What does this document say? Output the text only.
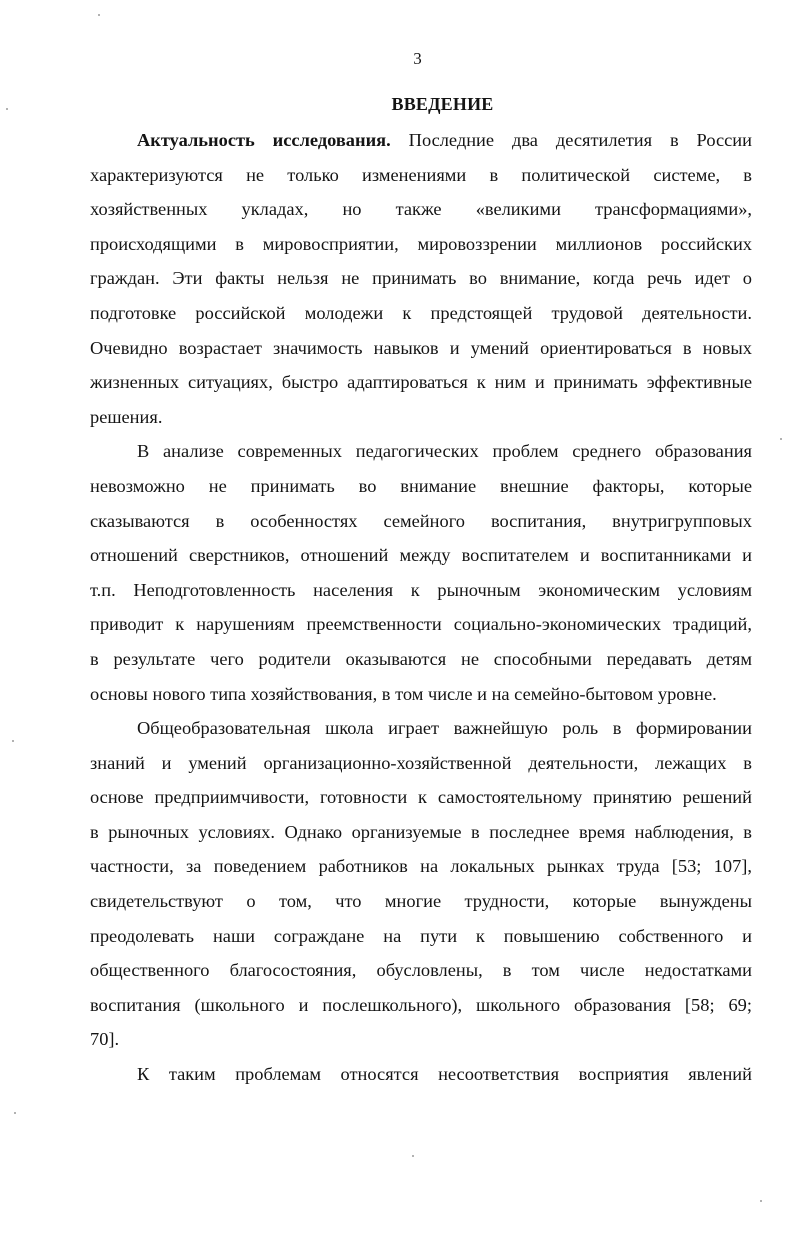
3
ВВЕДЕНИЕ
Актуальность исследования. Последние два десятилетия в России
характеризуются не только изменениями в политической системе, в
хозяйственных укладах, но также «великими трансформациями»,
происходящими в мировосприятии, мировоззрении миллионов российских
граждан. Эти факты нельзя не принимать во внимание, когда речь идет о
подготовке российской молодежи к предстоящей трудовой деятельности.
Очевидно возрастает значимость навыков и умений ориентироваться в новых
жизненных ситуациях, быстро адаптироваться к ним и принимать эффективные
решения.
В анализе современных педагогических проблем среднего образования
невозможно не принимать во внимание внешние факторы, которые
сказываются в особенностях семейного воспитания, внутригрупповых
отношений сверстников, отношений между воспитателем и воспитанниками и
т.п. Неподготовленность населения к рыночным экономическим условиям
приводит к нарушениям преемственности социально-экономических традиций,
в результате чего родители оказываются не способными передавать детям
основы нового типа хозяйствования, в том числе и на семейно-бытовом уровне.
Общеобразовательная школа играет важнейшую роль в формировании
знаний и умений организационно-хозяйственной деятельности, лежащих в
основе предприимчивости, готовности к самостоятельному принятию решений
в рыночных условиях. Однако организуемые в последнее время наблюдения, в
частности, за поведением работников на локальных рынках труда [53; 107],
свидетельствуют о том, что многие трудности, которые вынуждены
преодолевать наши сограждане на пути к повышению собственного и
общественного благосостояния, обусловлены, в том числе недостатками
воспитания (школьного и послешкольного), школьного образования [58; 69;
70].
К таким проблемам относятся несоответствия восприятия явлений
